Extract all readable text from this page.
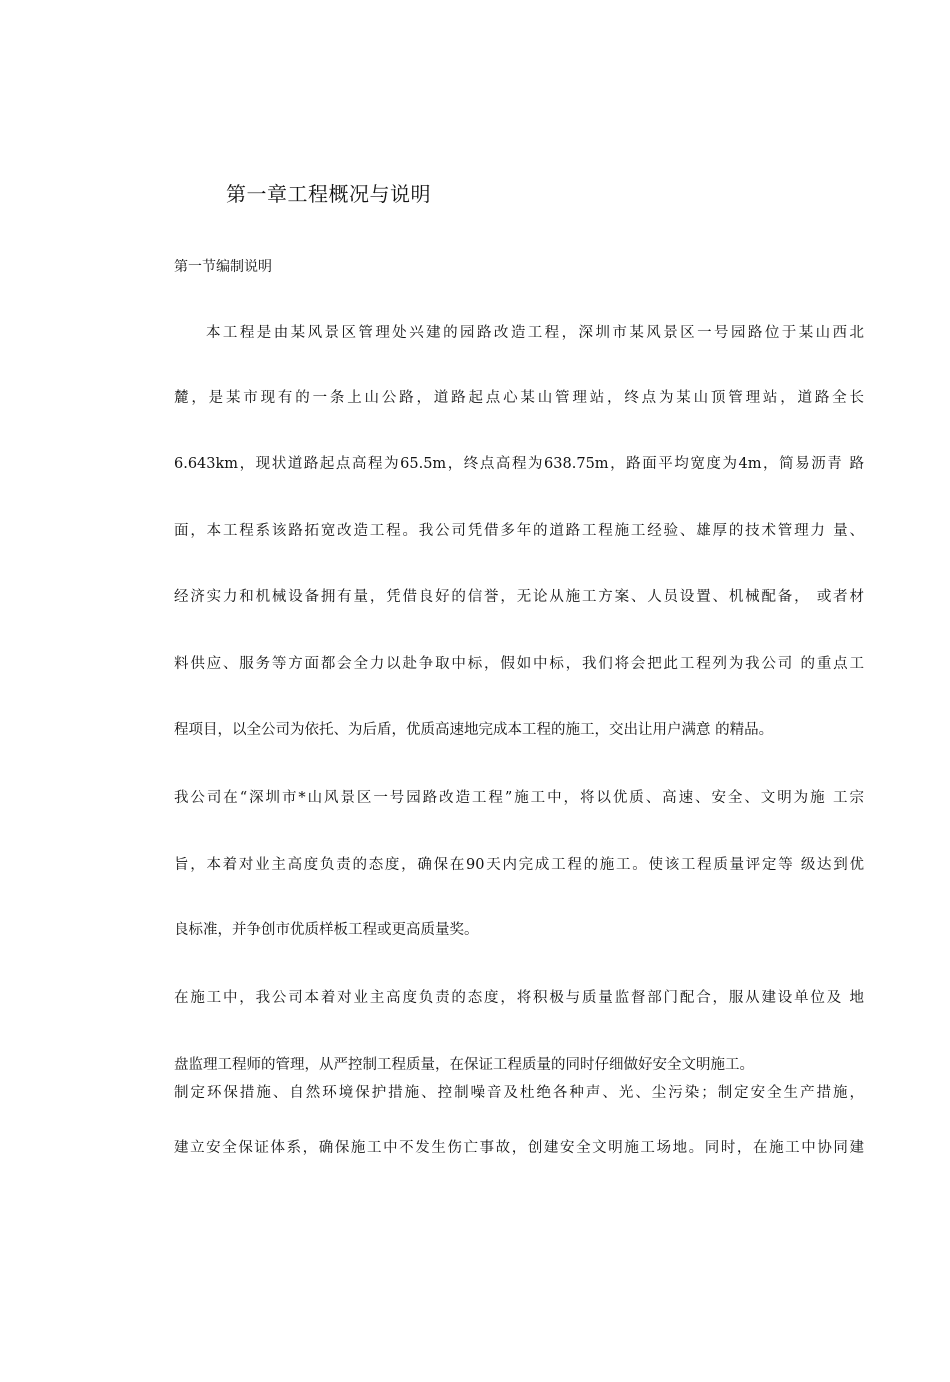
第一章工程概况与说明
第一节编制说明
本工程是由某风景区管理处兴建的园路改造工程，深圳市某风景区一号园路位于某山西北
麓，是某市现有的一条上山公路，道路起点心某山管理站，终点为某山顶管理站，道路全长
6.643km，现状道路起点高程为65.5m，终点高程为638.75m，路面平均宽度为4m，简易沥青 路
面，本工程系该路拓宽改造工程。我公司凭借多年的道路工程施工经验、雄厚的技术管理力 量、
经济实力和机械设备拥有量，凭借良好的信誉，无论从施工方案、人员设置、机械配备， 或者材
料供应、服务等方面都会全力以赴争取中标，假如中标，我们将会把此工程列为我公司 的重点工
程项目，以全公司为依托、为后盾，优质高速地完成本工程的施工，交出让用户满意 的精品。
我公司在“深圳市*山风景区一号园路改造工程”施工中，将以优质、高速、安全、文明为施 工宗
旨，本着对业主高度负责的态度，确保在90天内完成工程的施工。使该工程质量评定等 级达到优
良标准，并争创市优质样板工程或更高质量奖。
在施工中，我公司本着对业主高度负责的态度，将积极与质量监督部门配合，服从建设单位及 地
盘监理工程师的管理，从严控制工程质量，在保证工程质量的同时仔细做好安全文明施工。
制定环保措施、自然环境保护措施、控制噪音及杜绝各种声、光、尘污染；制定安全生产措施，
建立安全保证体系，确保施工中不发生伤亡事故，创建安全文明施工场地。同时，在施工中协同建
